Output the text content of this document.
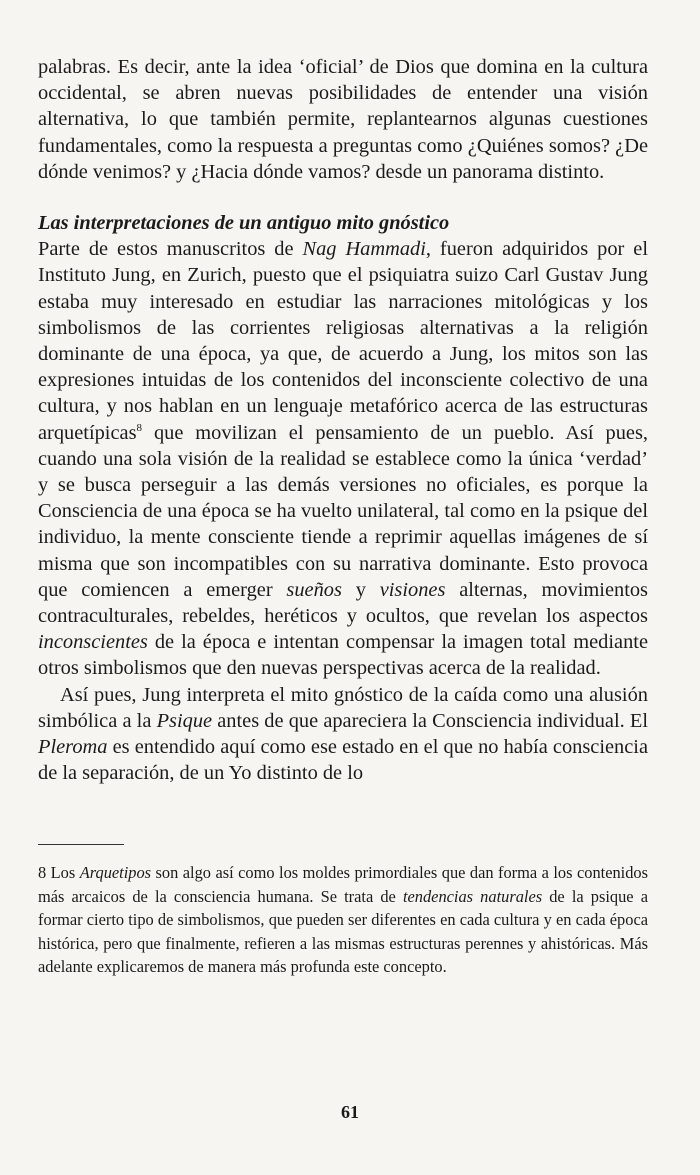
palabras. Es decir, ante la idea ‘oficial’ de Dios que domina en la cultura occidental, se abren nuevas posibilidades de entender una visión alternativa, lo que también permite, replantearnos algunas cuestiones fundamentales, como la respuesta a preguntas como ¿Quiénes somos? ¿De dónde venimos? y ¿Hacia dónde vamos? desde un panorama distinto.

Las interpretaciones de un antiguo mito gnóstico

Parte de estos manuscritos de Nag Hammadi, fueron adquiridos por el Instituto Jung, en Zurich, puesto que el psiquiatra suizo Carl Gustav Jung estaba muy interesado en estudiar las narraciones mitológicas y los simbolismos de las corrientes religiosas alternativas a la religión dominante de una época, ya que, de acuerdo a Jung, los mitos son las expresiones intuidas de los contenidos del inconsciente colectivo de una cultura, y nos hablan en un lenguaje metafórico acerca de las estructuras arquetípicas$^8$ que movilizan el pensamiento de un pueblo. Así pues, cuando una sola visión de la realidad se establece como la única ‘verdad’ y se busca perseguir a las demás versiones no oficiales, es porque la Consciencia de una época se ha vuelto unilateral, tal como en la psique del individuo, la mente consciente tiende a reprimir aquellas imágenes de sí misma que son incompatibles con su narrativa dominante. Esto provoca que comiencen a emerger sueños y visiones alternas, movimientos contraculturales, rebeldes, heréticos y ocultos, que revelan los aspectos inconscientes de la época e intentan compensar la imagen total mediante otros simbolismos que den nuevas perspectivas acerca de la realidad.

Así pues, Jung interpreta el mito gnóstico de la caída como una alusión simbólica a la Psique antes de que apareciera la Consciencia individual. El Pleroma es entendido aquí como ese estado en el que no había consciencia de la separación, de un Yo distinto de lo

8 Los Arquetipos son algo así como los moldes primordiales que dan forma a los contenidos más arcaicos de la consciencia humana. Se trata de tendencias naturales de la psique a formar cierto tipo de simbolismos, que pueden ser diferentes en cada cultura y en cada época histórica, pero que finalmente, refieren a las mismas estructuras perennes y ahistóricas. Más adelante explicaremos de manera más profunda este concepto.

61
